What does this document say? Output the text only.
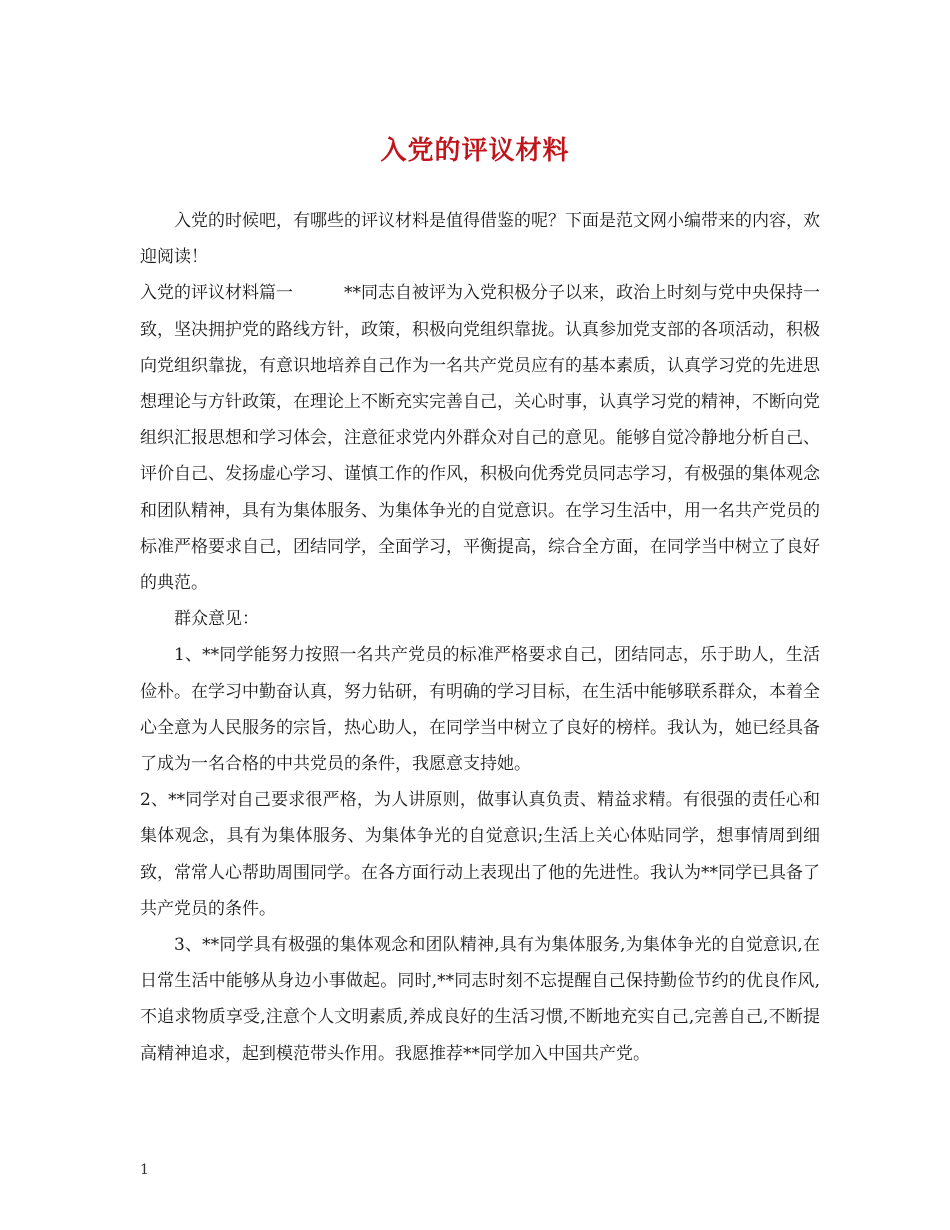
入党的评议材料

入党的时候吧，有哪些的评议材料是值得借鉴的呢？下面是范文网小编带来的内容，欢迎阅读！

入党的评议材料篇一　　　**同志自被评为入党积极分子以来，政治上时刻与党中央保持一致，坚决拥护党的路线方针，政策，积极向党组织靠拢。认真参加党支部的各项活动，积极向党组织靠拢，有意识地培养自己作为一名共产党员应有的基本素质，认真学习党的先进思想理论与方针政策，在理论上不断充实完善自己，关心时事，认真学习党的精神，不断向党组织汇报思想和学习体会，注意征求党内外群众对自己的意见。能够自觉冷静地分析自己、评价自己、发扬虚心学习、谨慎工作的作风，积极向优秀党员同志学习，有极强的集体观念和团队精神，具有为集体服务、为集体争光的自觉意识。在学习生活中，用一名共产党员的标准严格要求自己，团结同学，全面学习，平衡提高，综合全方面，在同学当中树立了良好的典范。

群众意见：

1、**同学能努力按照一名共产党员的标准严格要求自己，团结同志，乐于助人，生活俭朴。在学习中勤奋认真，努力钻研，有明确的学习目标，在生活中能够联系群众，本着全心全意为人民服务的宗旨，热心助人，在同学当中树立了良好的榜样。我认为，她已经具备了成为一名合格的中共党员的条件，我愿意支持她。

2、**同学对自己要求很严格，为人讲原则，做事认真负责、精益求精。有很强的责任心和集体观念，具有为集体服务、为集体争光的自觉意识;生活上关心体贴同学，想事情周到细致，常常人心帮助周围同学。在各方面行动上表现出了他的先进性。我认为**同学已具备了共产党员的条件。

3、**同学具有极强的集体观念和团队精神,具有为集体服务,为集体争光的自觉意识,在日常生活中能够从身边小事做起。同时,**同志时刻不忘提醒自己保持勤俭节约的优良作风,不追求物质享受,注意个人文明素质,养成良好的生活习惯,不断地充实自己,完善自己,不断提高精神追求，起到模范带头作用。我愿推荐**同学加入中国共产党。

1
